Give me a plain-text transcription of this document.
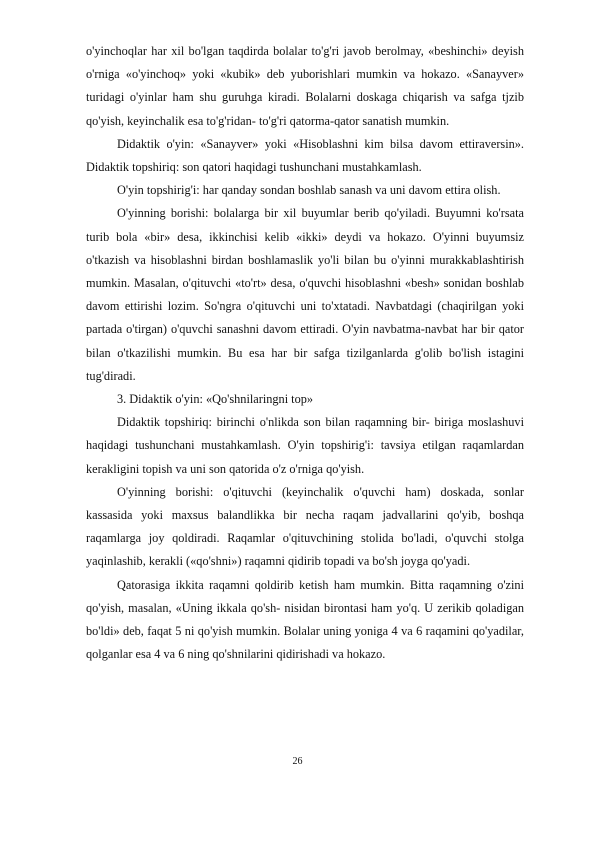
o'yinchoqlar har xil bo'lgan taqdirda bolalar to'g'ri javob berolmay, «beshinchi» deyish o'rniga «o'yinchoq» yoki «kubik» deb yuborishlari mumkin va hokazo. «Sanayver» turidagi o'yinlar ham shu guruhga kiradi. Bolalarni doskaga chiqarish va safga tjzib qo'yish, keyinchalik esa to'g'ridan- to'g'ri qatorma-qator sanatish mumkin.

Didaktik o'yin: «Sanayver» yoki «Hisoblashni kim bilsa davom ettiraversin». Didaktik topshiriq: son qatori haqidagi tushunchani mustahkamlash.

O'yin topshirig'i: har qanday sondan boshlab sanash va uni davom ettira olish.

O'yinning borishi: bolalarga bir xil buyumlar berib qo'yiladi. Buyumni ko'rsata turib bola «bir» desa, ikkinchisi kelib «ikki» deydi va hokazo. O'yinni buyumsiz o'tkazish va hisoblashni birdan boshlamaslik yo'li bilan bu o'yinni murakkablashtirish mumkin. Masalan, o'qituvchi «to'rt» desa, o'quvchi hisoblashni «besh» sonidan boshlab davom ettirishi lozim. So'ngra o'qituvchi uni to'xtatadi. Navbatdagi (chaqirilgan yoki partada o'tirgan) o'quvchi sanashni davom ettiradi. O'yin navbatma-navbat har bir qator bilan o'tkazilishi mumkin. Bu esa har bir safga tizilganlarda g'olib bo'lish istagini tug'diradi.

3. Didaktik o'yin: «Qo'shnilaringni top»

Didaktik topshiriq: birinchi o'nlikda son bilan raqamning bir- biriga moslashuvi haqidagi tushunchani mustahkamlash. O'yin topshirig'i: tavsiya etilgan raqamlardan kerakligini topish va uni son qatorida o'z o'rniga qo'yish.

O'yinning borishi: o'qituvchi (keyinchalik o'quvchi ham) doskada, sonlar kassasida yoki maxsus balandlikka bir necha raqam jadvallarini qo'yib, boshqa raqamlarga joy qoldiradi. Raqamlar o'qituvchining stolida bo'ladi, o'quvchi stolga yaqinlashib, kerakli («qo'shni») raqamni qidirib topadi va bo'sh joyga qo'yadi.

Qatorasiga ikkita raqamni qoldirib ketish ham mumkin. Bitta raqamning o'zini qo'yish, masalan, «Uning ikkala qo'sh- nisidan birontasi ham yo'q. U zerikib qoladigan bo'ldi» deb, faqat 5 ni qo'yish mumkin. Bolalar uning yoniga 4 va 6 raqamini qo'yadilar, qolganlar esa 4 va 6 ning qo'shnilarini qidirishadi va hokazo.

26
